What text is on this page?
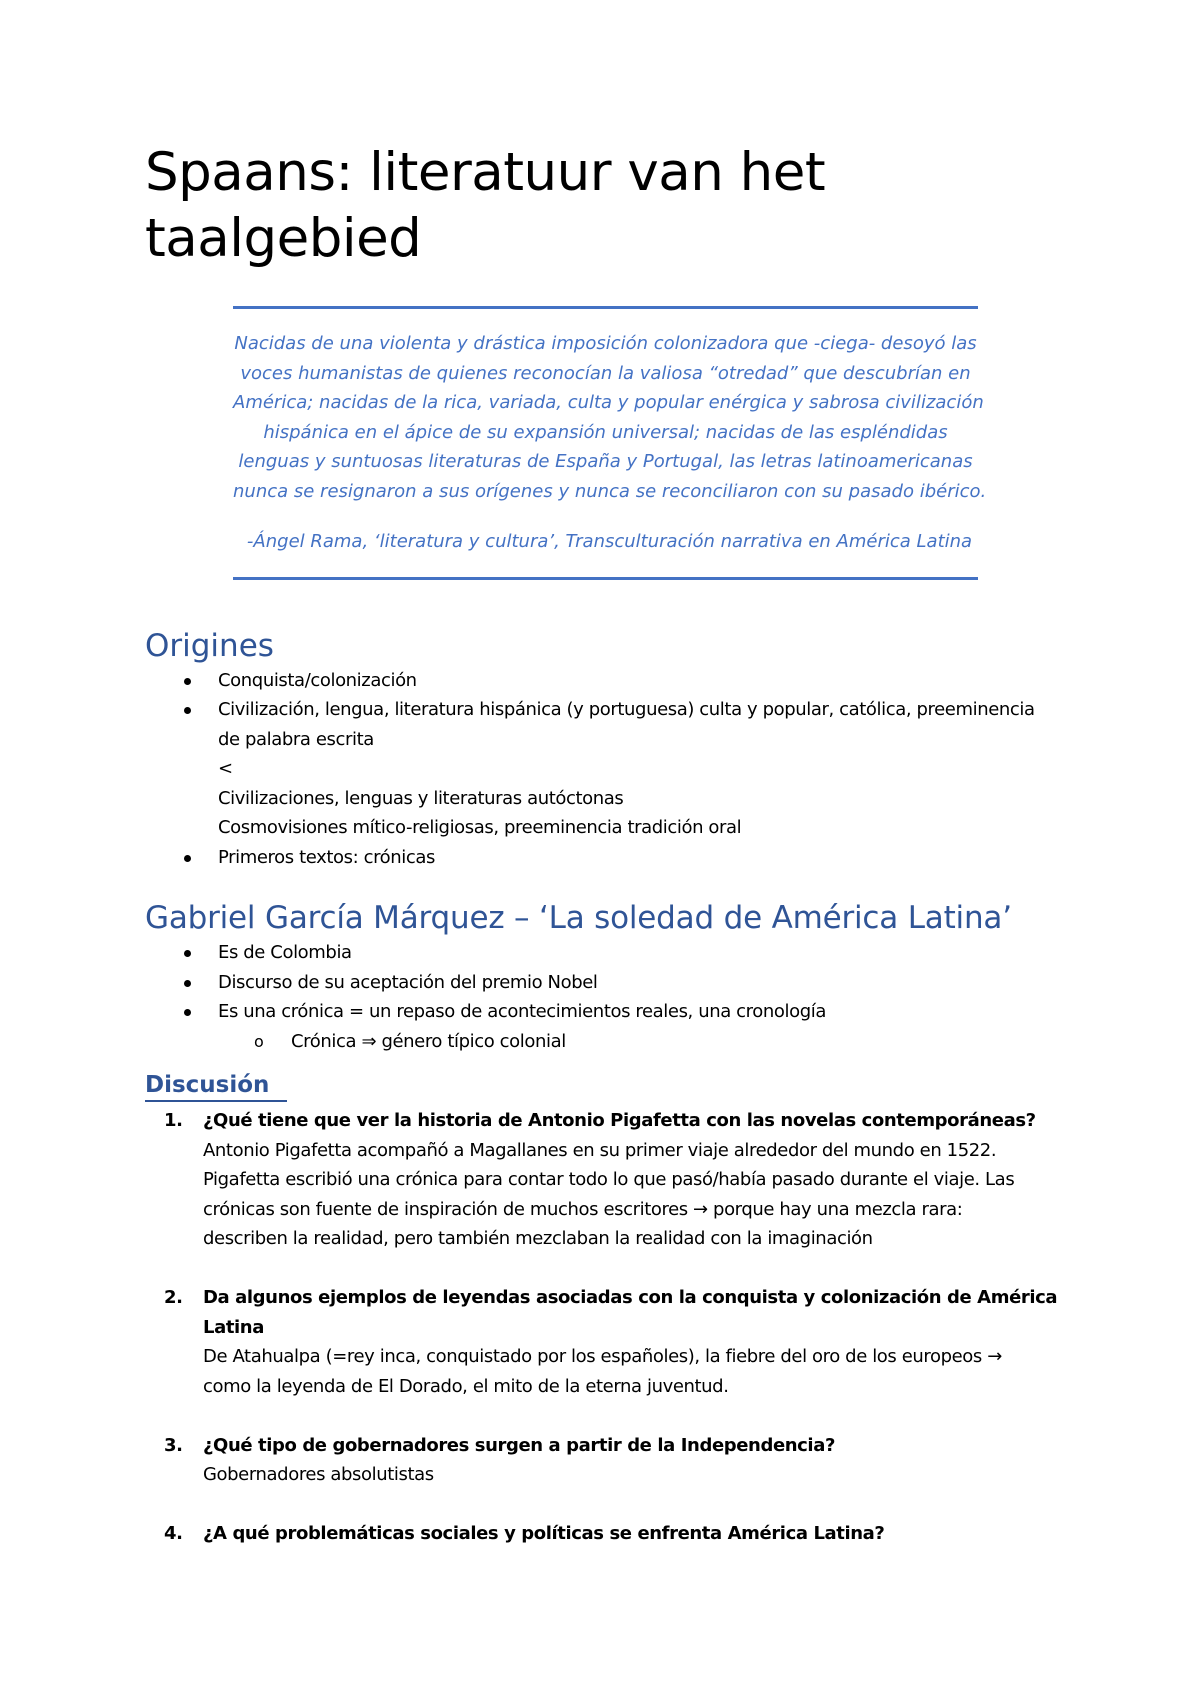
Spaans: literatuur van het
taalgebied
Nacidas de una violenta y drástica imposición colonizadora que -ciega- desoyó las
voces humanistas de quienes reconocían la valiosa “otredad” que descubrían en
América; nacidas de la rica, variada, culta y popular enérgica y sabrosa civilización
hispánica en el ápice de su expansión universal; nacidas de las espléndidas
lenguas y suntuosas literaturas de España y Portugal, las letras latinoamericanas
nunca se resignaron a sus orígenes y nunca se reconciliaron con su pasado ibérico.
-Ángel Rama, ‘literatura y cultura’, Transculturación narrativa en América Latina
Origines
Conquista/colonización
Civilización, lengua, literatura hispánica (y portuguesa) culta y popular, católica, preeminencia
de palabra escrita
<
Civilizaciones, lenguas y literaturas autóctonas
Cosmovisiones mítico-religiosas, preeminencia tradición oral
Primeros textos: crónicas
Gabriel García Márquez – ‘La soledad de América Latina’
Es de Colombia
Discurso de su aceptación del premio Nobel
Es una crónica = un repaso de acontecimientos reales, una cronología
o Crónica ⇒ género típico colonial
Discusión
1. ¿Qué tiene que ver la historia de Antonio Pigafetta con las novelas contemporáneas?
Antonio Pigafetta acompañó a Magallanes en su primer viaje alrededor del mundo en 1522.
Pigafetta escribió una crónica para contar todo lo que pasó/había pasado durante el viaje. Las
crónicas son fuente de inspiración de muchos escritores → porque hay una mezcla rara:
describen la realidad, pero también mezclaban la realidad con la imaginación
2. Da algunos ejemplos de leyendas asociadas con la conquista y colonización de América
Latina
De Atahualpa (=rey inca, conquistado por los españoles), la fiebre del oro de los europeos →
como la leyenda de El Dorado, el mito de la eterna juventud.
3. ¿Qué tipo de gobernadores surgen a partir de la Independencia?
Gobernadores absolutistas
4. ¿A qué problemáticas sociales y políticas se enfrenta América Latina?
